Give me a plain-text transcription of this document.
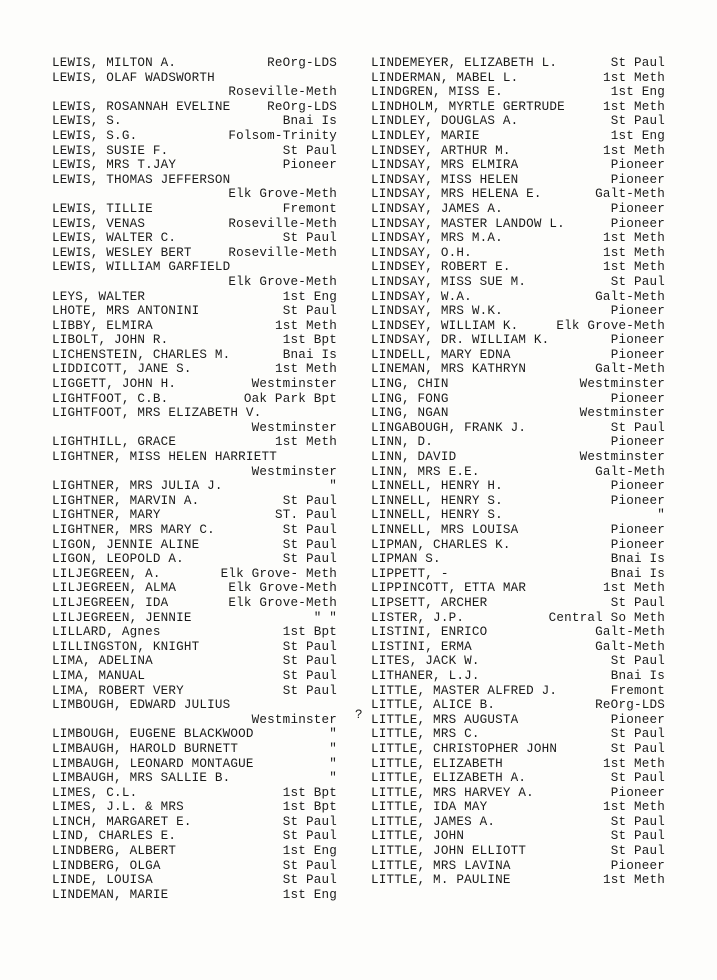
LEWIS, MILTON A.	ReOrg-LDS
LEWIS, OLAF WADSWORTH
Roseville-Meth
LEWIS, ROSANNAH EVELINE	ReOrg-LDS
LEWIS, S.	Bnai Is
LEWIS, S.G.	Folsom-Trinity
LEWIS, SUSIE F.	St Paul
LEWIS, MRS T.JAY	Pioneer
LEWIS, THOMAS JEFFERSON
Elk Grove-Meth
LEWIS, TILLIE	Fremont
LEWIS, VENAS	Roseville-Meth
LEWIS, WALTER C.	St Paul
LEWIS, WESLEY BERT	Roseville-Meth
LEWIS, WILLIAM GARFIELD
Elk Grove-Meth
LEYS, WALTER	1st Eng
LHOTE, MRS ANTONINI	St Paul
LIBBY, ELMIRA	1st Meth
LIBOLT, JOHN R.	1st Bpt
LICHENSTEIN, CHARLES M.	Bnai Is
LIDDICOTT, JANE S.	1st Meth
LIGGETT, JOHN H.	Westminster
LIGHTFOOT, C.B.	Oak Park Bpt
LIGHTFOOT, MRS ELIZABETH V.
Westminster
LIGHTHILL, GRACE	1st Meth
LIGHTNER, MISS HELEN HARRIETT
Westminster
LIGHTNER, MRS JULIA J.	"
LIGHTNER, MARVIN A.	St Paul
LIGHTNER, MARY	ST. Paul
LIGHTNER, MRS MARY C.	St Paul
LIGON, JENNIE ALINE	St Paul
LIGON, LEOPOLD A.	St Paul
LILJEGREEN, A.	Elk Grove- Meth
LILJEGREEN, ALMA	Elk Grove-Meth
LILJEGREEN, IDA	Elk Grove-Meth
LILJEGREEN, JENNIE	" "
LILLARD, Agnes	1st Bpt
LILLINGSTON, KNIGHT	St Paul
LIMA, ADELINA	St Paul
LIMA, MANUAL	St Paul
LIMA, ROBERT VERY	St Paul
LIMBOUGH, EDWARD JULIUS
Westminster
LIMBOUGH, EUGENE BLACKWOOD	"
LIMBAUGH, HAROLD BURNETT	"
LIMBAUGH, LEONARD MONTAGUE	"
LIMBAUGH, MRS SALLIE B.	"
LIMES, C.L.	1st Bpt
LIMES, J.L. & MRS	1st Bpt
LINCH, MARGARET E.	St Paul
LIND, CHARLES E.	St Paul
LINDBERG, ALBERT	1st Eng
LINDBERG, OLGA	St Paul
LINDE, LOUISA	St Paul
LINDEMAN, MARIE	1st Eng
LINDEMEYER, ELIZABETH L.	St Paul
LINDERMAN, MABEL L.	1st Meth
LINDGREN, MISS E.	1st Eng
LINDHOLM, MYRTLE GERTRUDE	1st Meth
LINDLEY, DOUGLAS A.	St Paul
LINDLEY, MARIE	1st Eng
LINDSEY, ARTHUR M.	1st Meth
LINDSAY, MRS ELMIRA	Pioneer
LINDSAY, MISS HELEN	Pioneer
LINDSAY, MRS HELENA E.	Galt-Meth
LINDSAY, JAMES A.	Pioneer
LINDSAY, MASTER LANDOW L.	Pioneer
LINDSAY, MRS M.A.	1st Meth
LINDSAY, O.H.	1st Meth
LINDSEY, ROBERT E.	1st Meth
LINDSAY, MISS SUE M.	St Paul
LINDSAY, W.A.	Galt-Meth
LINDSAY, MRS W.K.	Pioneer
LINDSEY, WILLIAM K.	Elk Grove-Meth
LINDSAY, DR. WILLIAM K.	Pioneer
LINDELL, MARY EDNA	Pioneer
LINEMAN, MRS KATHRYN	Galt-Meth
LING, CHIN	Westminster
LING, FONG	Pioneer
LING, NGAN	Westminster
LINGABOUGH, FRANK J.	St Paul
LINN, D.	Pioneer
LINN, DAVID	Westminster
LINN, MRS E.E.	Galt-Meth
LINNELL, HENRY H.	Pioneer
LINNELL, HENRY S.	Pioneer
LINNELL, HENRY S.	"
LINNELL, MRS LOUISA	Pioneer
LIPMAN, CHARLES K.	Pioneer
LIPMAN S.	Bnai Is
LIPPETT, -	Bnai Is
LIPPINCOTT, ETTA MAR	1st Meth
LIPSETT, ARCHER	St Paul
LISTER, J.P.	Central So Meth
LISTINI, ENRICO	Galt-Meth
LISTINI, ERMA	Galt-Meth
LITES, JACK W.	St Paul
LITHANER, L.J.	Bnai Is
LITTLE, MASTER ALFRED J.	Fremont
LITTLE, ALICE B.	ReOrg-LDS
LITTLE, MRS AUGUSTA	Pioneer
LITTLE, MRS C.	St Paul
LITTLE, CHRISTOPHER JOHN	St Paul
LITTLE, ELIZABETH	1st Meth
LITTLE, ELIZABETH A.	St Paul
LITTLE, MRS HARVEY A.	Pioneer
LITTLE, IDA MAY	1st Meth
LITTLE, JAMES A.	St Paul
LITTLE, JOHN	St Paul
LITTLE, JOHN ELLIOTT	St Paul
LITTLE, MRS LAVINA	Pioneer
LITTLE, M. PAULINE	1st Meth
?
